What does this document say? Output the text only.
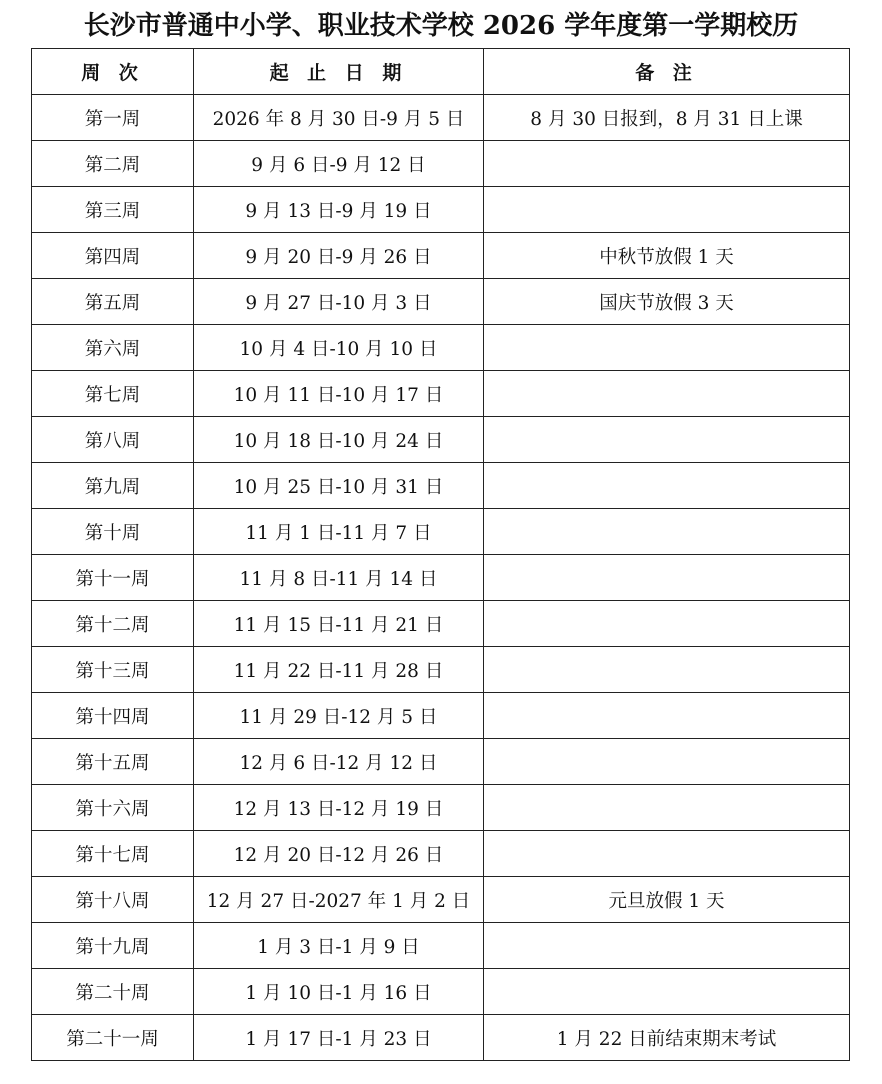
长沙市普通中小学、职业技术学校 2026 学年度第一学期校历
周 次	起 止 日 期	备 注
第一周	2026 年 8 月 30 日-9 月 5 日	8 月 30 日报到，8 月 31 日上课
第二周	9 月 6 日-9 月 12 日	
第三周	9 月 13 日-9 月 19 日	
第四周	9 月 20 日-9 月 26 日	中秋节放假 1 天
第五周	9 月 27 日-10 月 3 日	国庆节放假 3 天
第六周	10 月 4 日-10 月 10 日	
第七周	10 月 11 日-10 月 17 日	
第八周	10 月 18 日-10 月 24 日	
第九周	10 月 25 日-10 月 31 日	
第十周	11 月 1 日-11 月 7 日	
第十一周	11 月 8 日-11 月 14 日	
第十二周	11 月 15 日-11 月 21 日	
第十三周	11 月 22 日-11 月 28 日	
第十四周	11 月 29 日-12 月 5 日	
第十五周	12 月 6 日-12 月 12 日	
第十六周	12 月 13 日-12 月 19 日	
第十七周	12 月 20 日-12 月 26 日	
第十八周	12 月 27 日-2027 年 1 月 2 日	元旦放假 1 天
第十九周	1 月 3 日-1 月 9 日	
第二十周	1 月 10 日-1 月 16 日	
第二十一周	1 月 17 日-1 月 23 日	1 月 22 日前结束期末考试
